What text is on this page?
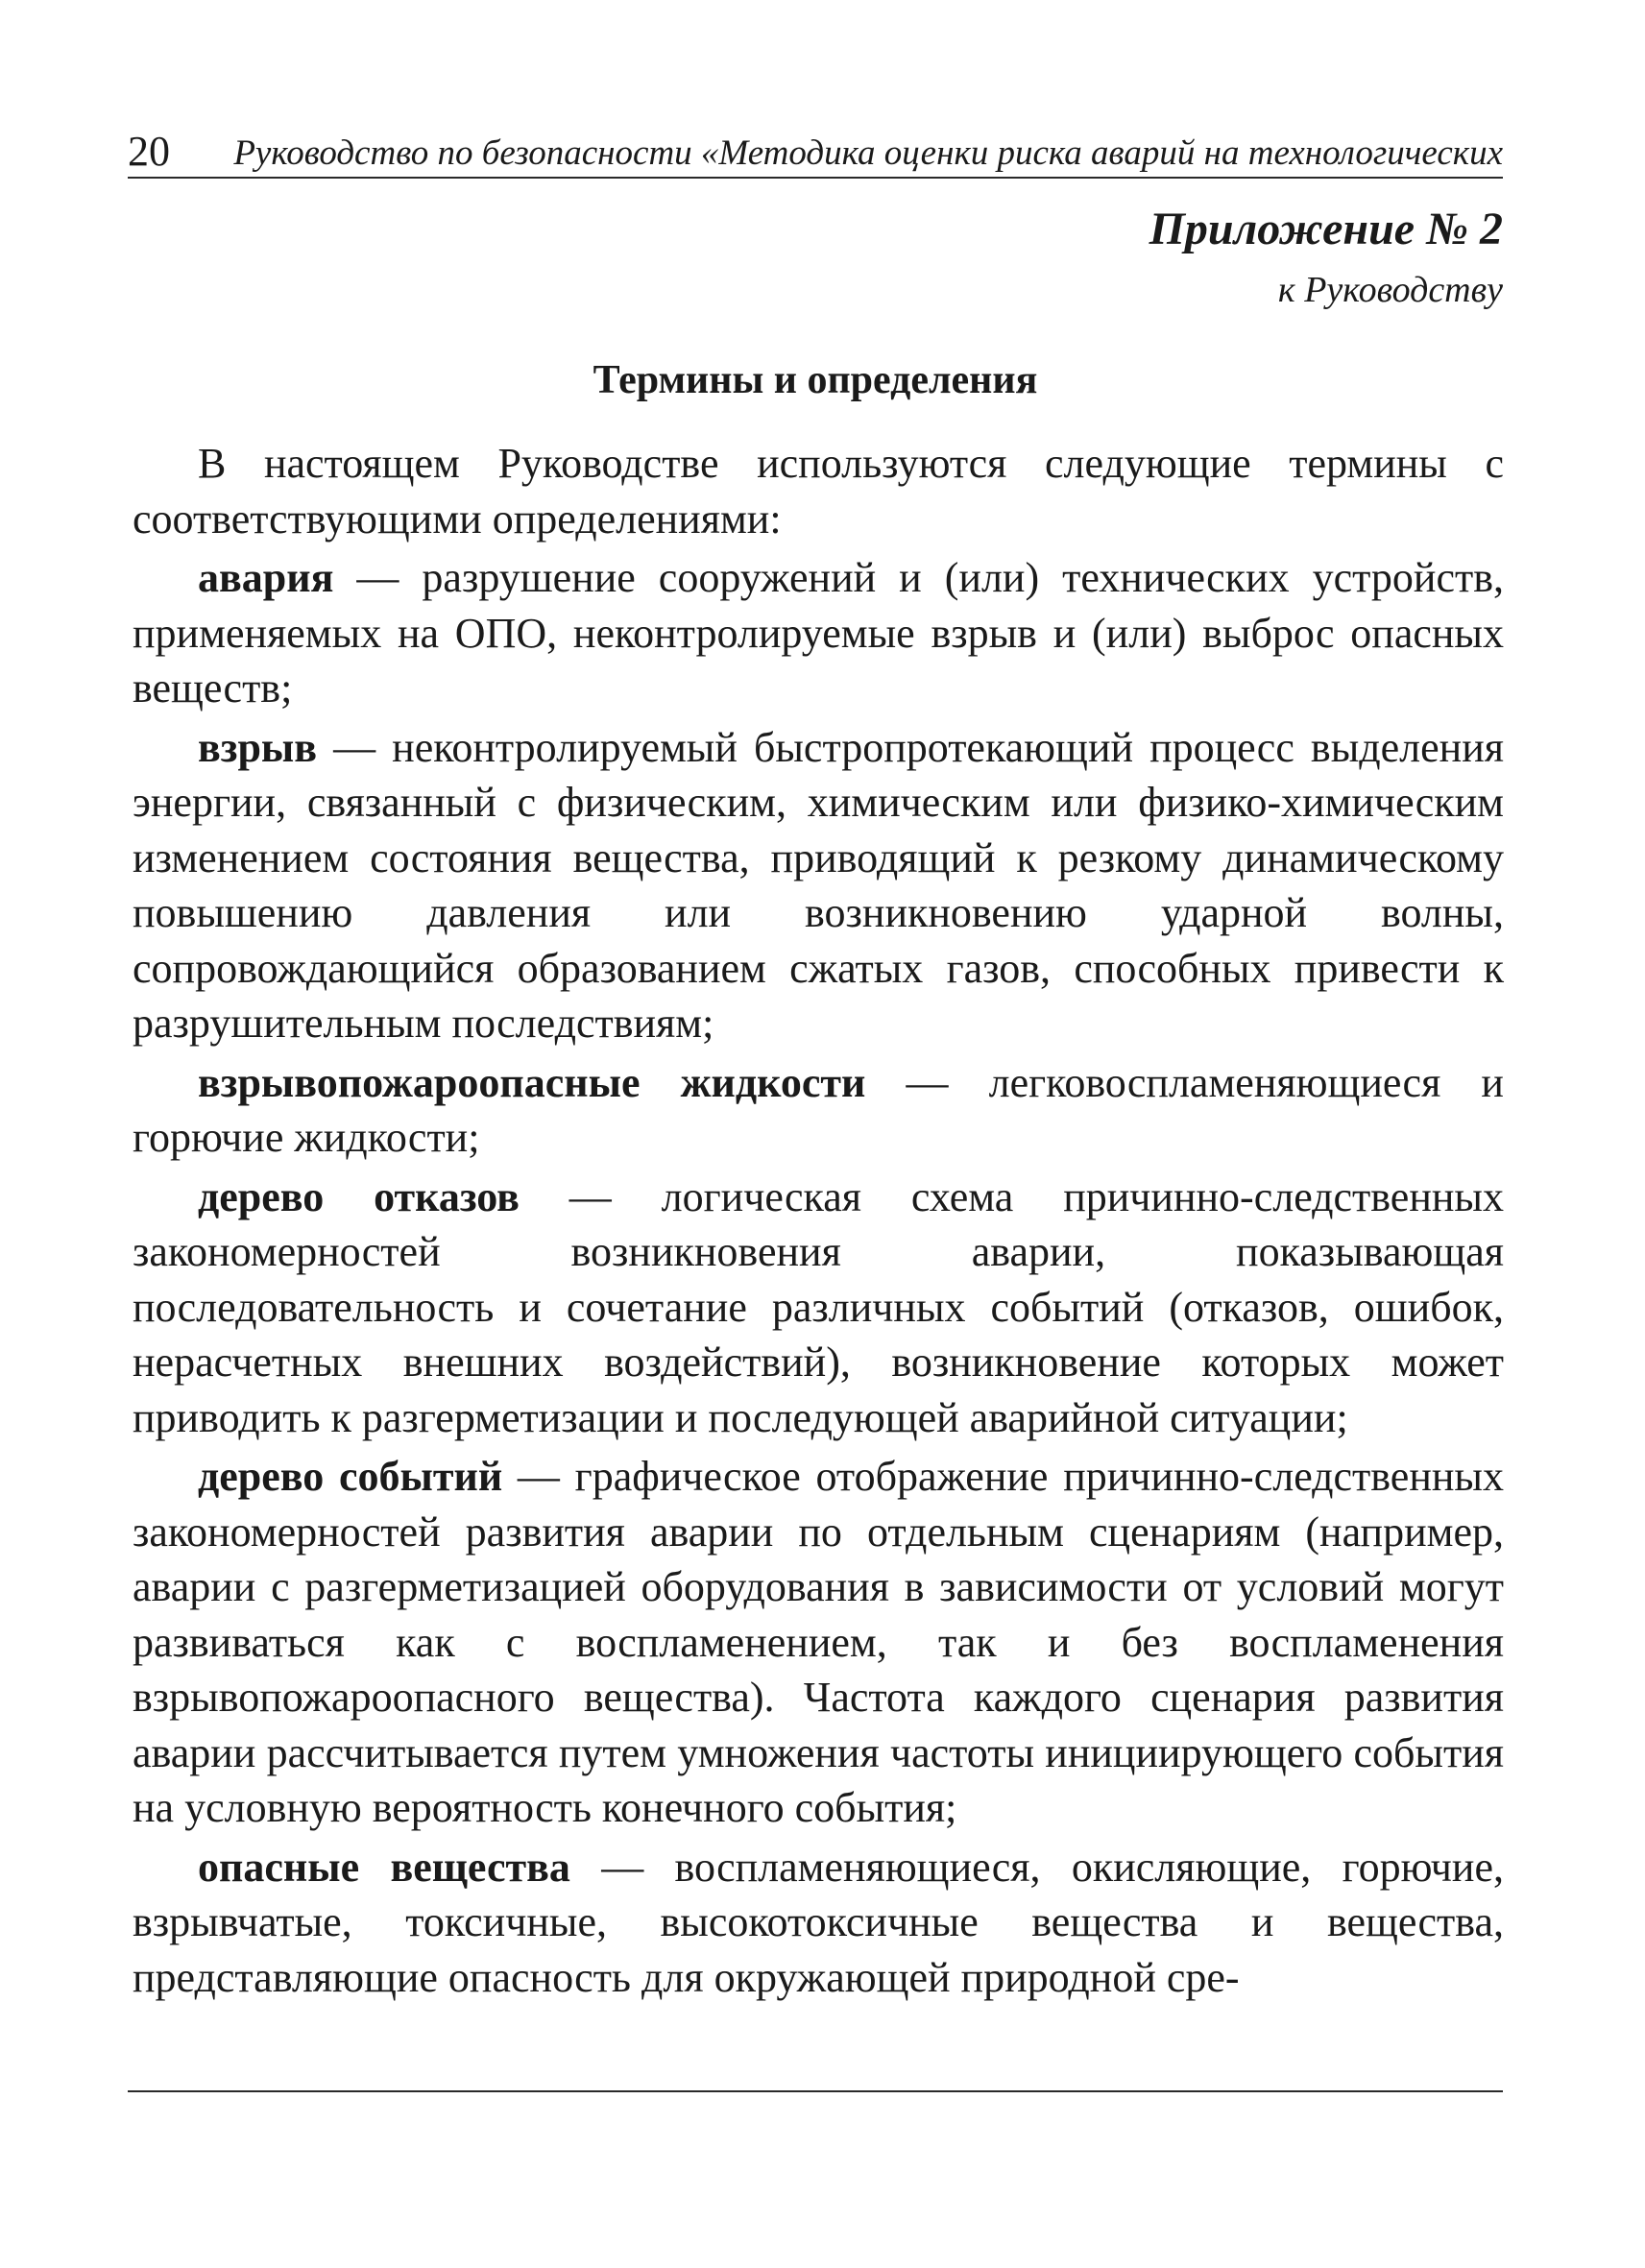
20 Руководство по безопасности «Методика оценки риска аварий на технологических
Приложение № 2
к Руководству
Термины и определения

В настоящем Руководстве используются следующие термины с соответствующими определениями:

авария — разрушение сооружений и (или) технических устройств, применяемых на ОПО, неконтролируемые взрыв и (или) выброс опасных веществ;

взрыв — неконтролируемый быстропротекающий процесс выделения энергии, связанный с физическим, химическим или физико-химическим изменением состояния вещества, приводящий к резкому динамическому повышению давления или возникновению ударной волны, сопровождающийся образованием сжатых газов, способных привести к разрушительным последствиям;

взрывопожароопасные жидкости — легковоспламеняющиеся и горючие жидкости;

дерево отказов — логическая схема причинно-следственных закономерностей возникновения аварии, показывающая последовательность и сочетание различных событий (отказов, ошибок, нерасчетных внешних воздействий), возникновение которых может приводить к разгерметизации и последующей аварийной ситуации;

дерево событий — графическое отображение причинно-следственных закономерностей развития аварии по отдельным сценариям (например, аварии с разгерметизацией оборудования в зависимости от условий могут развиваться как с воспламенением, так и без воспламенения взрывопожароопасного вещества). Частота каждого сценария развития аварии рассчитывается путем умножения частоты инициирующего события на условную вероятность конечного события;

опасные вещества — воспламеняющиеся, окисляющие, горючие, взрывчатые, токсичные, высокотоксичные вещества и вещества, представляющие опасность для окружающей природной сре-
